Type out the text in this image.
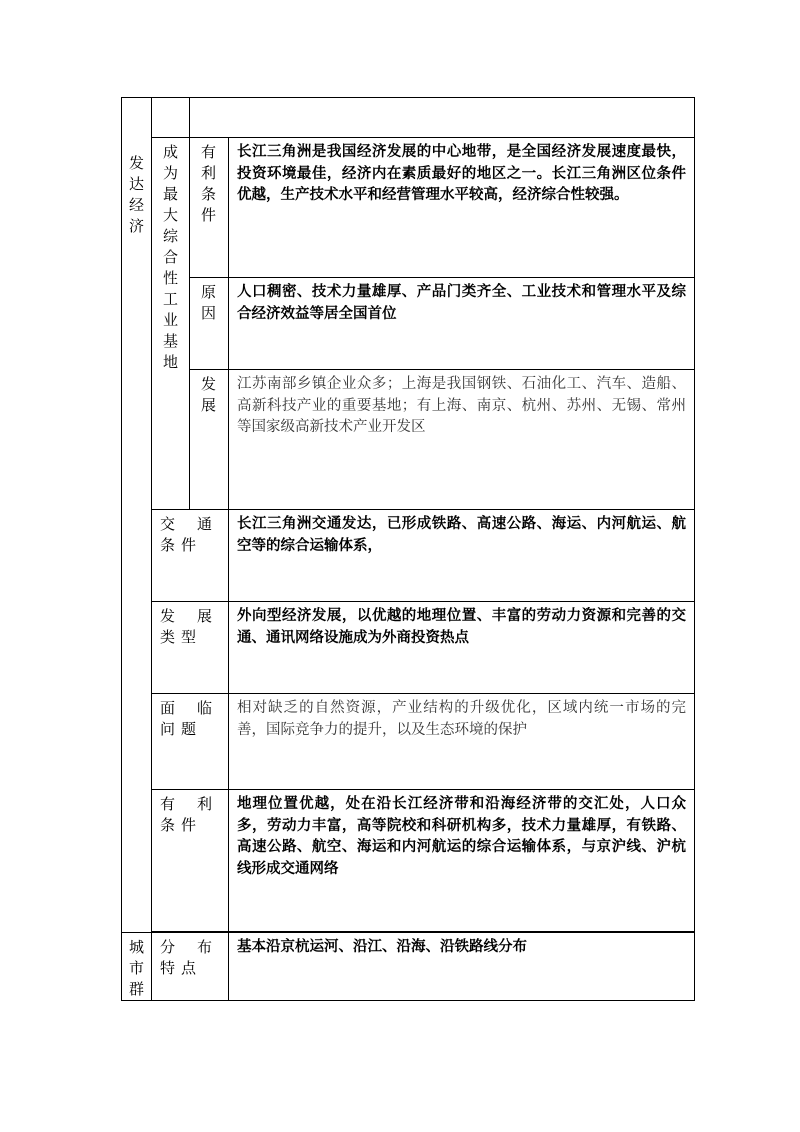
发达经济			

	成为最大综合性工业基地	有利条件	长江三角洲是我国经济发展的中心地带，是全国经济发展速度最快，投资环境最佳，经济内在素质最好的地区之一。长江三角洲区位条件优越，生产技术水平和经营管理水平较高，经济综合性较强。

		原因	人口稠密、技术力量雄厚、产品门类齐全、工业技术和管理水平及综合经济效益等居全国首位

		发展	江苏南部乡镇企业众多；上海是我国钢铁、石油化工、汽车、造船、高新科技产业的重要基地；有上海、南京、杭州、苏州、无锡、常州等国家级高新技术产业开发区

	交通条件		长江三角洲交通发达，已形成铁路、高速公路、海运、内河航运、航空等的综合运输体系，

	发展类型		外向型经济发展，以优越的地理位置、丰富的劳动力资源和完善的交通、通讯网络设施成为外商投资热点

	面临问题		相对缺乏的自然资源，产业结构的升级优化，区域内统一市场的完善，国际竞争力的提升，以及生态环境的保护

	有利条件		地理位置优越，处在沿长江经济带和沿海经济带的交汇处，人口众多，劳动力丰富，高等院校和科研机构多，技术力量雄厚，有铁路、高速公路、航空、海运和内河航运的综合运输体系，与京沪线、沪杭线形成交通网络

城市群	分布特点		基本沿京杭运河、沿江、沿海、沿铁路线分布
